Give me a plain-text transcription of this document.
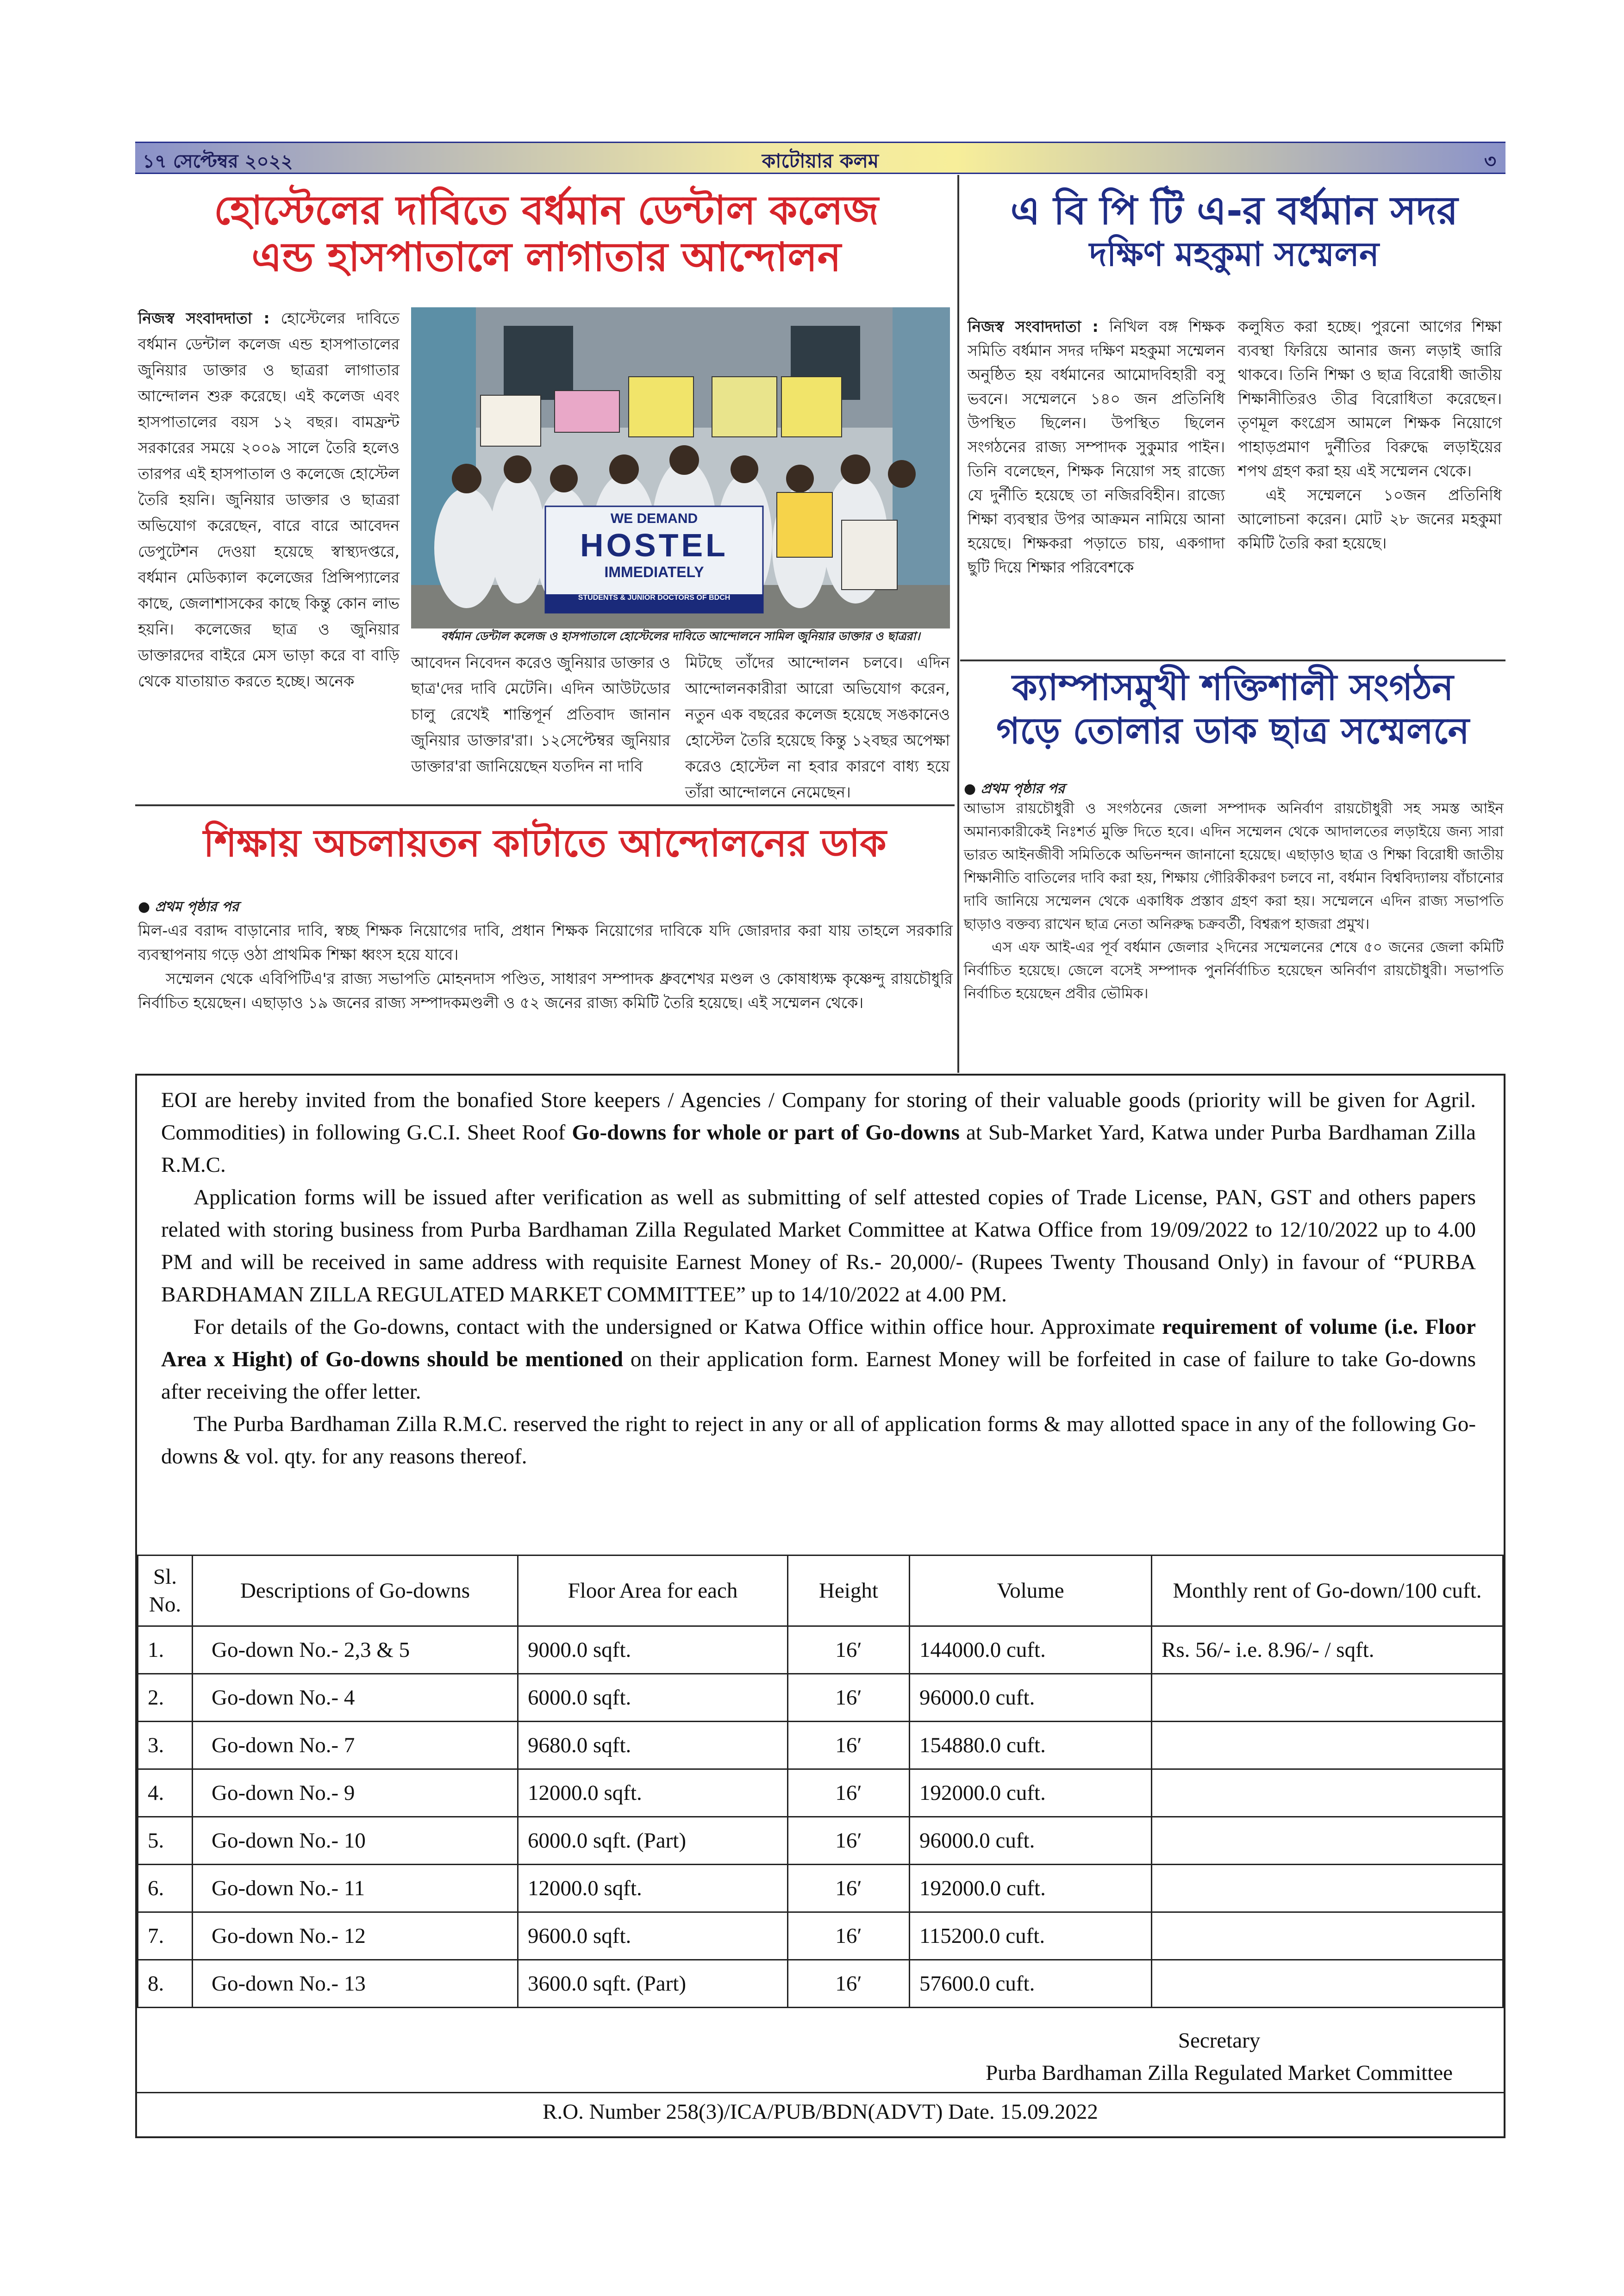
১৭ সেপ্টেম্বর ২০২২	কাটোয়ার কলম	৩
হোস্টেলের দাবিতে বর্ধমান ডেন্টাল কলেজ
এন্ড হাসপাতালে লাগাতার আন্দোলন
নিজস্ব সংবাদদাতা : হোস্টেলের দাবিতে বর্ধমান ডেন্টাল কলেজ এন্ড হাসপাতালের জুনিয়ার ডাক্তার ও ছাত্ররা লাগাতার আন্দোলন শুরু করেছে। এই কলেজ এবং হাসপাতালের বয়স ১২ বছর। বামফ্রন্ট সরকারের সময়ে ২০০৯ সালে তৈরি হলেও তারপর এই হাসপাতাল ও কলেজে হোস্টেল তৈরি হয়নি। জুনিয়ার ডাক্তার ও ছাত্ররা অভিযোগ করেছেন, বারে বারে আবেদন ডেপুটেশন দেওয়া হয়েছে স্বাস্থ্যদপ্তরে, বর্ধমান মেডিক্যাল কলেজের প্রিন্সিপ্যালের কাছে, জেলাশাসকের কাছে কিন্তু কোন লাভ হয়নি। কলেজের ছাত্র ও জুনিয়ার ডাক্তারদের বাইরে মেস ভাড়া করে বা বাড়ি থেকে যাতায়াত করতে হচ্ছে। অনেক
WE DEMAND
HOSTEL
IMMEDIATELY
STUDENTS & JUNIOR DOCTORS OF BDCH
বর্ধমান ডেন্টাল কলেজ ও হাসপাতালে হোস্টেলের দাবিতে আন্দোলনে সামিল জুনিয়ার ডাক্তার ও ছাত্ররা।
আবেদন নিবেদন করেও জুনিয়ার ডাক্তার ও ছাত্র'দের দাবি মেটেনি। এদিন আউটডোর চালু রেখেই শান্তিপূর্ন প্রতিবাদ জানান জুনিয়ার ডাক্তার'রা। ১২সেপ্টেম্বর জুনিয়ার ডাক্তার'রা জানিয়েছেন যতদিন না দাবি
মিটছে তাঁদের আন্দোলন চলবে। এদিন আন্দোলনকারীরা আরো অভিযোগ করেন, নতুন এক বছরের কলেজ হয়েছে সঙকানেও হোস্টেল তৈরি হয়েছে কিন্তু ১২বছর অপেক্ষা করেও হোস্টেল না হবার কারণে বাধ্য হয়ে তাঁরা আন্দোলনে নেমেছেন।
শিক্ষায় অচলায়তন কাটাতে আন্দোলনের ডাক
● প্রথম পৃষ্ঠার পর
মিল-এর বরাদ্দ বাড়ানোর দাবি, স্বচ্ছ শিক্ষক নিয়োগের দাবি, প্রধান শিক্ষক নিয়োগের দাবিকে যদি জোরদার করা যায় তাহলে সরকারি ব্যবস্থাপনায় গড়ে ওঠা প্রাথমিক শিক্ষা ধ্বংস হয়ে যাবে।
সম্মেলন থেকে এবিপিটিএ'র রাজ্য সভাপতি মোহনদাস পণ্ডিত, সাধারণ সম্পাদক ধ্রুবশেখর মণ্ডল ও কোষাধ্যক্ষ কৃষ্ণেন্দু রায়চৌধুরি নির্বাচিত হয়েছেন। এছাড়াও ১৯ জনের রাজ্য সম্পাদকমণ্ডলী ও ৫২ জনের রাজ্য কমিটি তৈরি হয়েছে। এই সম্মেলন থেকে।
এ বি পি টি এ-র বর্ধমান সদর
দক্ষিণ মহকুমা সম্মেলন
নিজস্ব সংবাদদাতা : নিখিল বঙ্গ শিক্ষক সমিতি বর্ধমান সদর দক্ষিণ মহকুমা সম্মেলন অনুষ্ঠিত হয় বর্ধমানের আমোদবিহারী বসু ভবনে। সম্মেলনে ১৪০ জন প্রতিনিধি উপস্থিত ছিলেন। উপস্থিত ছিলেন সংগঠনের রাজ্য সম্পাদক সুকুমার পাইন। তিনি বলেছেন, শিক্ষক নিয়োগ সহ রাজ্যে যে দুর্নীতি হয়েছে তা নজিরবিহীন। রাজ্যে শিক্ষা ব্যবস্থার উপর আক্রমন নামিয়ে আনা হয়েছে। শিক্ষকরা পড়াতে চায়, একগাদা ছুটি দিয়ে শিক্ষার পরিবেশকে
কলুষিত করা হচ্ছে। পুরনো আগের শিক্ষা ব্যবস্থা ফিরিয়ে আনার জন্য লড়াই জারি থাকবে। তিনি শিক্ষা ও ছাত্র বিরোধী জাতীয় শিক্ষানীতিরও তীব্র বিরোধিতা করেছেন। তৃণমূল কংগ্রেস আমলে শিক্ষক নিয়োগে পাহাড়প্রমাণ দুর্নীতির বিরুদ্ধে লড়াইয়ের শপথ গ্রহণ করা হয় এই সম্মেলন থেকে।
এই সম্মেলনে ১০জন প্রতিনিধি আলোচনা করেন। মোট ২৮ জনের মহকুমা কমিটি তৈরি করা হয়েছে।
ক্যাম্পাসমুখী শক্তিশালী সংগঠন
গড়ে তোলার ডাক ছাত্র সম্মেলনে
● প্রথম পৃষ্ঠার পর
আভাস রায়চৌধুরী ও সংগঠনের জেলা সম্পাদক অনির্বাণ রায়চৌধুরী সহ সমস্ত আইন অমান্যকারীকেই নিঃশর্ত মুক্তি দিতে হবে। এদিন সম্মেলন থেকে আদালতের লড়াইয়ে জন্য সারা ভারত আইনজীবী সমিতিকে অভিনন্দন জানানো হয়েছে। এছাড়াও ছাত্র ও শিক্ষা বিরোধী জাতীয় শিক্ষানীতি বাতিলের দাবি করা হয়, শিক্ষায় গৌরিকীকরণ চলবে না, বর্ধমান বিশ্ববিদ্যালয় বাঁচানোর দাবি জানিয়ে সম্মেলন থেকে একাধিক প্রস্তাব গ্রহণ করা হয়। সম্মেলনে এদিন রাজ্য সভাপতি ছাড়াও বক্তব্য রাখেন ছাত্র নেতা অনিরুদ্ধ চক্রবর্তী, বিশ্বরূপ হাজরা প্রমুখ।
এস এফ আই-এর পূর্ব বর্ধমান জেলার ২দিনের সম্মেলনের শেষে ৫০ জনের জেলা কমিটি নির্বাচিত হয়েছে। জেলে বসেই সম্পাদক পুনর্নির্বাচিত হয়েছেন অনির্বাণ রায়চৌধুরী। সভাপতি নির্বাচিত হয়েছেন প্রবীর ভৌমিক।

EOI are hereby invited from the bonafied Store keepers / Agencies / Company for storing of their valuable goods (priority will be given for Agril. Commodities) in following G.C.I. Sheet Roof Go-downs for whole or part of Go-downs at Sub-Market Yard, Katwa under Purba Bardhaman Zilla R.M.C.

Application forms will be issued after verification as well as submitting of self attested copies of Trade License, PAN, GST and others papers related with storing business from Purba Bardhaman Zilla Regulated Market Committee at Katwa Office from 19/09/2022 to 12/10/2022 up to 4.00 PM and will be received in same address with requisite Earnest Money of Rs.- 20,000/- (Rupees Twenty Thousand Only) in favour of “PURBA BARDHAMAN ZILLA REGULATED MARKET COMMITTEE” up to 14/10/2022 at 4.00 PM.

For details of the Go-downs, contact with the undersigned or Katwa Office within office hour. Approximate requirement of volume (i.e. Floor Area x Hight) of Go-downs should be mentioned on their application form. Earnest Money will be forfeited in case of failure to take Go-downs after receiving the offer letter.

The Purba Bardhaman Zilla R.M.C. reserved the right to reject in any or all of application forms & may allotted space in any of the following Go-downs & vol. qty. for any reasons thereof.

Sl. No.	Descriptions of Go-downs	Floor Area for each	Height	Volume	Monthly rent of Go-down/100 cuft.
1.	Go-down No.- 2,3 & 5	9000.0 sqft.	16′	144000.0 cuft.	Rs. 56/- i.e. 8.96/- / sqft.
2.	Go-down No.- 4	6000.0 sqft.	16′	96000.0 cuft.	
3.	Go-down No.- 7	9680.0 sqft.	16′	154880.0 cuft.	
4.	Go-down No.- 9	12000.0 sqft.	16′	192000.0 cuft.	
5.	Go-down No.- 10	6000.0 sqft. (Part)	16′	96000.0 cuft.	
6.	Go-down No.- 11	12000.0 sqft.	16′	192000.0 cuft.	
7.	Go-down No.- 12	9600.0 sqft.	16′	115200.0 cuft.	
8.	Go-down No.- 13	3600.0 sqft. (Part)	16′	57600.0 cuft.	
Secretary
Purba Bardhaman Zilla Regulated Market Committee
R.O. Number 258(3)/ICA/PUB/BDN(ADVT) Date. 15.09.2022
